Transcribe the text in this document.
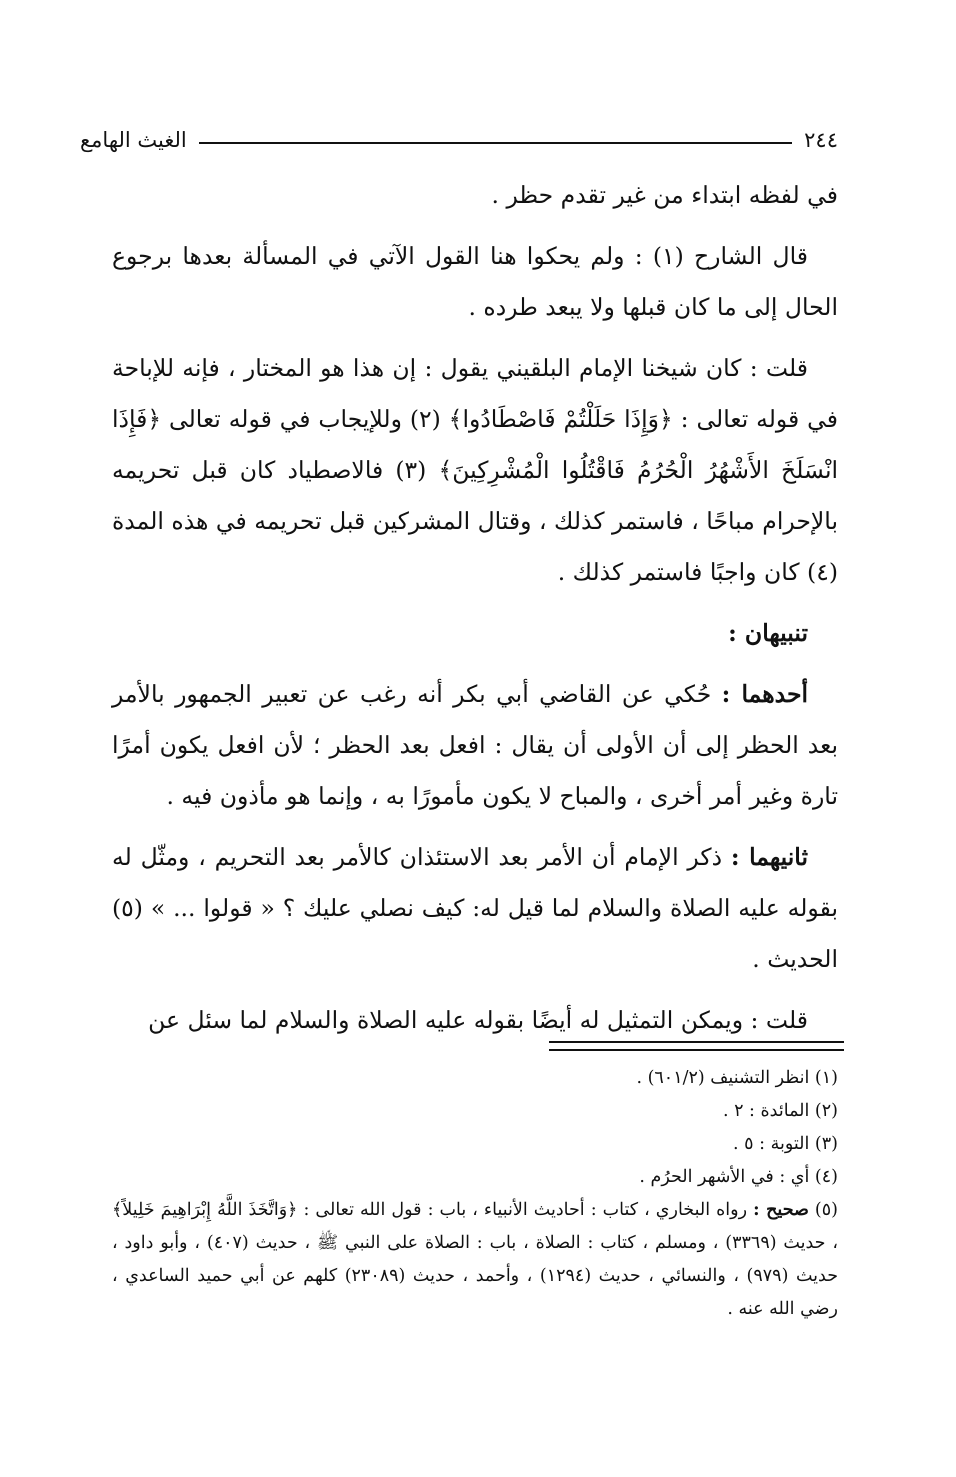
٢٤٤
الغيث الهامع

في لفظه ابتداء من غير تقدم حظر .

قال الشارح (١) : ولم يحكوا هنا القول الآتي في المسألة بعدها برجوع الحال إلى ما كان قبلها ولا يبعد طرده .

قلت : كان شيخنا الإمام البلقيني يقول : إن هذا هو المختار ، فإنه للإباحة في قوله تعالى : ﴿وَإِذَا حَلَلْتُمْ فَاصْطَادُوا﴾ (٢) وللإيجاب في قوله تعالى ﴿فَإِذَا انْسَلَخَ الأَشْهُرُ الْحُرُمُ فَاقْتُلُوا الْمُشْرِكِينَ﴾ (٣) فالاصطياد كان قبل تحريمه بالإحرام مباحًا ، فاستمر كذلك ، وقتال المشركين قبل تحريمه في هذه المدة (٤) كان واجبًا فاستمر كذلك .

تنبيهان :

أحدهما : حُكي عن القاضي أبي بكر أنه رغب عن تعبير الجمهور بالأمر بعد الحظر إلى أن الأولى أن يقال : افعل بعد الحظر ؛ لأن افعل يكون أمرًا تارة وغير أمر أخرى ، والمباح لا يكون مأمورًا به ، وإنما هو مأذون فيه .

ثانيهما : ذكر الإمام أن الأمر بعد الاستئذان كالأمر بعد التحريم ، ومثّل له بقوله عليه الصلاة والسلام لما قيل له: كيف نصلي عليك ؟ « قولوا ... » (٥) الحديث .

قلت : ويمكن التمثيل له أيضًا بقوله عليه الصلاة والسلام لما سئل عن

(١) انظر التشنيف (٦٠١/٢) .
(٢) المائدة : ٢ .
(٣) التوبة : ٥ .
(٤) أي : في الأشهر الحرُم .
(٥) صحيح : رواه البخاري ، كتاب : أحاديث الأنبياء ، باب : قول الله تعالى : ﴿وَاتَّخَذَ اللَّهُ إِبْرَاهِيمَ خَلِيلاً﴾ ، حديث (٣٣٦٩) ، ومسلم ، كتاب : الصلاة ، باب : الصلاة على النبي ﷺ ، حديث (٤٠٧) ، وأبو داود ، حديث (٩٧٩) ، والنسائي ، حديث (١٢٩٤) ، وأحمد ، حديث (٢٣٠٨٩) كلهم عن أبي حميد الساعدي ، رضي الله عنه .
